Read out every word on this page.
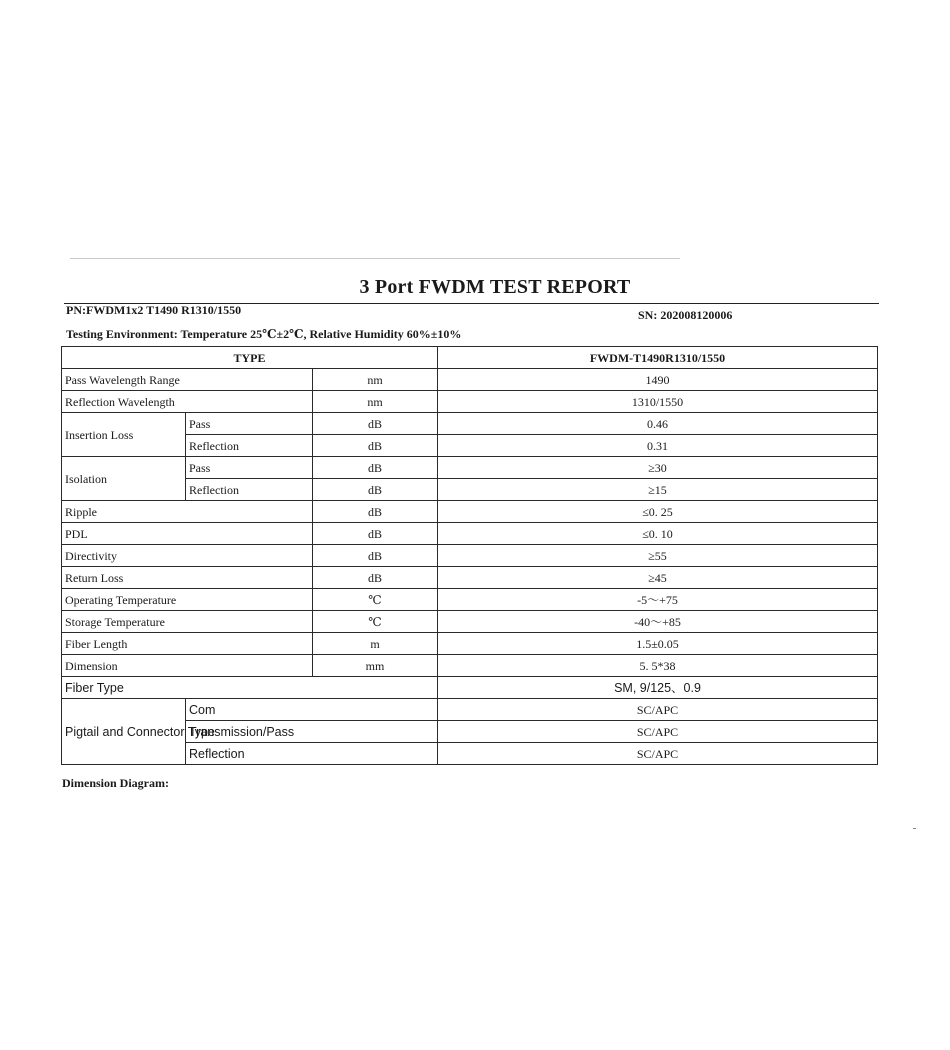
3 Port FWDM TEST REPORT
PN:FWDM1x2 T1490 R1310/1550	SN: 202008120006
Testing Environment: Temperature 25℃±2℃, Relative Humidity 60%±10%
TYPE			FWDM-T1490R1310/1550
Pass Wavelength Range		nm	1490
Reflection Wavelength		nm	1310/1550
Insertion Loss	Pass	dB	0.46
	Reflection	dB	0.31
Isolation	Pass	dB	≥30
	Reflection	dB	≥15
Ripple		dB	≤0. 25
PDL		dB	≤0. 10
Directivity		dB	≥55
Return Loss		dB	≥45
Operating Temperature		℃	-5～+75
Storage Temperature		℃	-40～+85
Fiber Length		m	1.5±0.05
Dimension		mm	5. 5*38
Fiber Type			SM, 9/125、0.9
Pigtail and Connector Type	Com		SC/APC
	Transmission/Pass		SC/APC
	Reflection		SC/APC
Dimension Diagram:
